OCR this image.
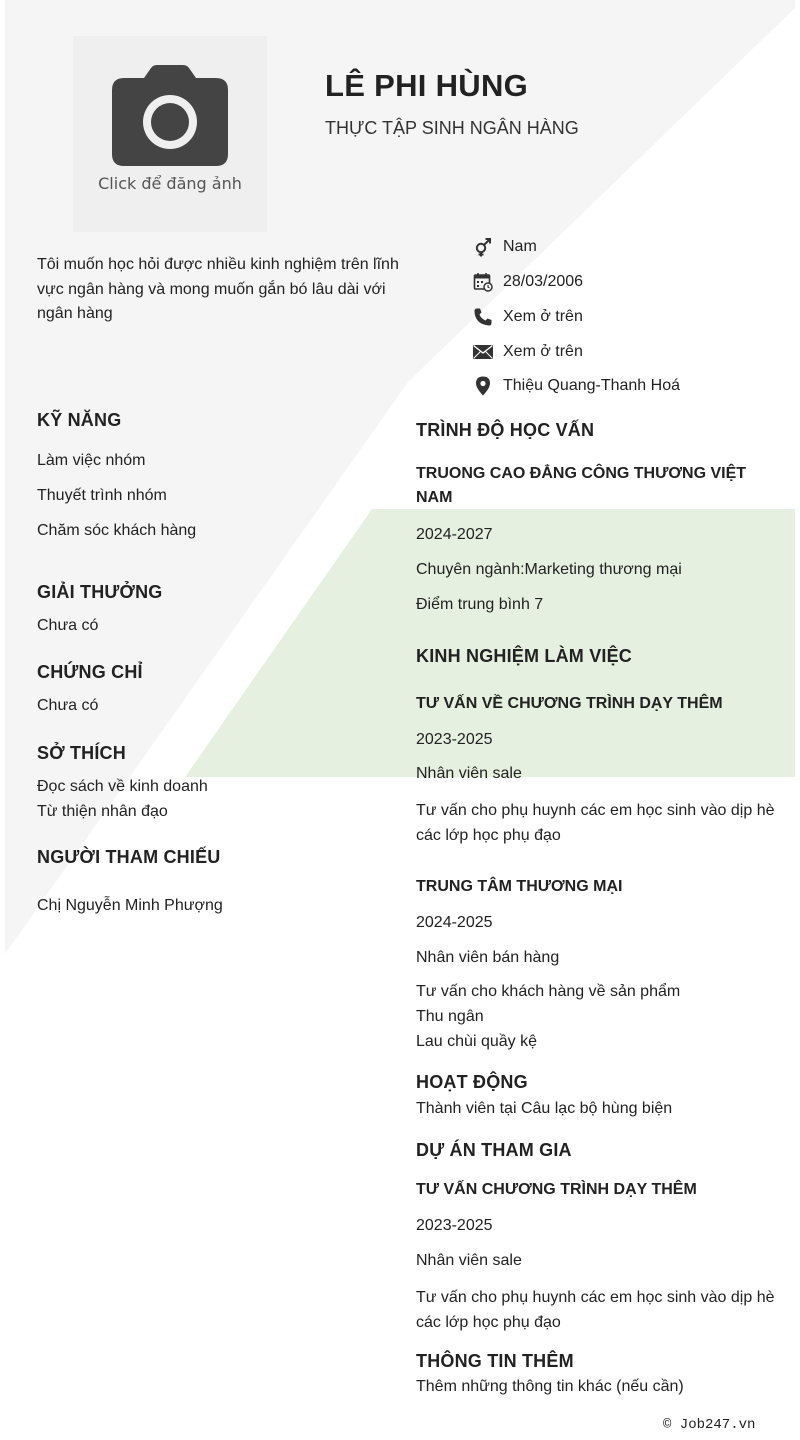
Click để đăng ảnh
LÊ PHI HÙNG
THỰC TẬP SINH NGÂN HÀNG
Tôi muốn học hỏi được nhiều kinh nghiệm trên lĩnh vực ngân hàng và mong muốn gắn bó lâu dài với ngân hàng
Nam
28/03/2006
Xem ở trên
Xem ở trên
Thiệu Quang-Thanh Hoá
KỸ NĂNG
Làm việc nhóm
Thuyết trình nhóm
Chăm sóc khách hàng
GIẢI THƯỞNG
Chưa có
CHỨNG CHỈ
Chưa có
SỞ THÍCH
Đọc sách về kinh doanh
Từ thiện nhân đạo
NGƯỜI THAM CHIẾU
Chị Nguyễn Minh Phượng
TRÌNH ĐỘ HỌC VẤN
TRUONG CAO ĐẲNG CÔNG THƯƠNG VIỆT NAM
2024-2027
Chuyên ngành:Marketing thương mại
Điểm trung bình 7
KINH NGHIỆM LÀM VIỆC
TƯ VẤN VỀ CHƯƠNG TRÌNH DẠY THÊM
2023-2025
Nhân viên sale
Tư vấn cho phụ huynh các em học sinh vào dịp hè các lớp học phụ đạo
TRUNG TÂM THƯƠNG MẠI
2024-2025
Nhân viên bán hàng
Tư vấn cho khách hàng về sản phẩm
Thu ngân
Lau chùi quầy kệ
HOẠT ĐỘNG
Thành viên tại Câu lạc bộ hùng biện
DỰ ÁN THAM GIA
TƯ VẤN CHƯƠNG TRÌNH DẠY THÊM
2023-2025
Nhân viên sale
Tư vấn cho phụ huynh các em học sinh vào dịp hè các lớp học phụ đạo
THÔNG TIN THÊM
Thêm những thông tin khác (nếu cần)
© Job247.vn
